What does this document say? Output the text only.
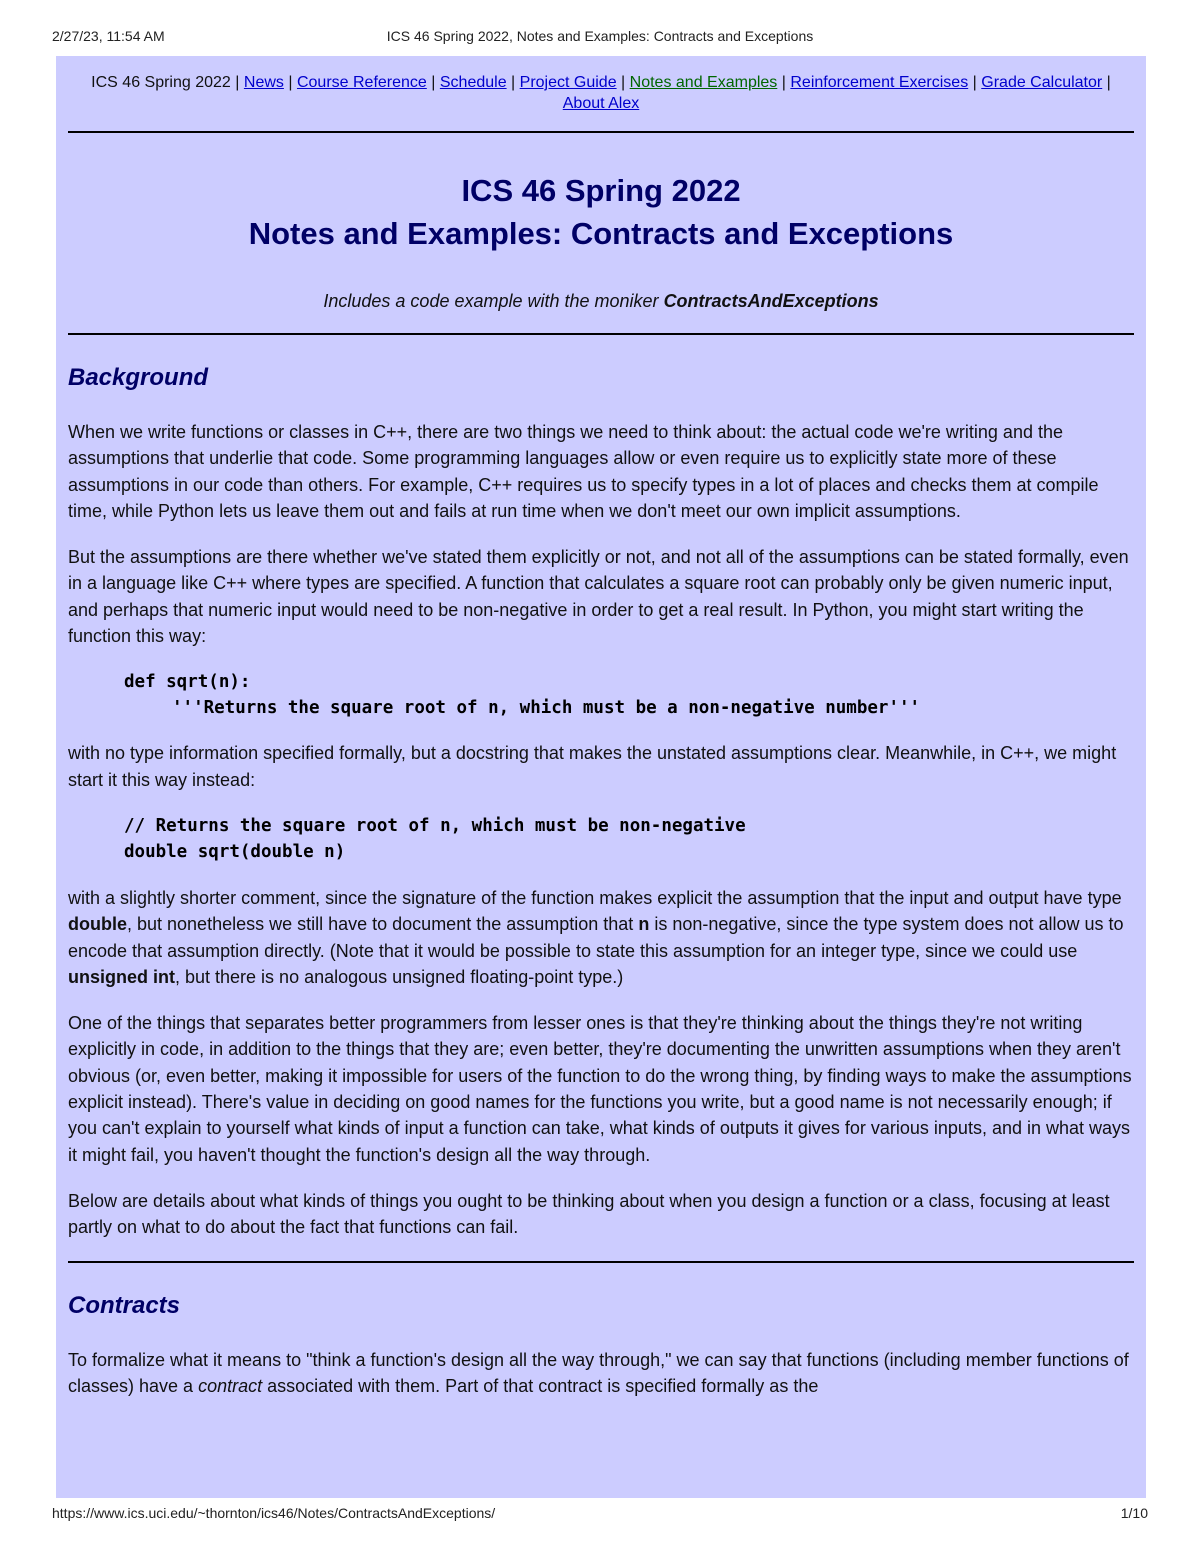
2/27/23, 11:54 AM	ICS 46 Spring 2022, Notes and Examples: Contracts and Exceptions
ICS 46 Spring 2022 | News | Course Reference | Schedule | Project Guide | Notes and Examples | Reinforcement Exercises | Grade Calculator |
About Alex
ICS 46 Spring 2022
Notes and Examples: Contracts and Exceptions
Includes a code example with the moniker ContractsAndExceptions
Background

When we write functions or classes in C++, there are two things we need to think about: the actual code we're writing and the assumptions that underlie that code. Some programming languages allow or even require us to explicitly state more of these assumptions in our code than others. For example, C++ requires us to specify types in a lot of places and checks them at compile time, while Python lets us leave them out and fails at run time when we don't meet our own implicit assumptions.

But the assumptions are there whether we've stated them explicitly or not, and not all of the assumptions can be stated formally, even in a language like C++ where types are specified. A function that calculates a square root can probably only be given numeric input, and perhaps that numeric input would need to be non-negative in order to get a real result. In Python, you might start writing the function this way:

def sqrt(n):
'''Returns the square root of n, which must be a non-negative number'''

with no type information specified formally, but a docstring that makes the unstated assumptions clear. Meanwhile, in C++, we might start it this way instead:

// Returns the square root of n, which must be non-negative
double sqrt(double n)

with a slightly shorter comment, since the signature of the function makes explicit the assumption that the input and output have type double, but nonetheless we still have to document the assumption that n is non-negative, since the type system does not allow us to encode that assumption directly. (Note that it would be possible to state this assumption for an integer type, since we could use unsigned int, but there is no analogous unsigned floating-point type.)

One of the things that separates better programmers from lesser ones is that they're thinking about the things they're not writing explicitly in code, in addition to the things that they are; even better, they're documenting the unwritten assumptions when they aren't obvious (or, even better, making it impossible for users of the function to do the wrong thing, by finding ways to make the assumptions explicit instead). There's value in deciding on good names for the functions you write, but a good name is not necessarily enough; if you can't explain to yourself what kinds of input a function can take, what kinds of outputs it gives for various inputs, and in what ways it might fail, you haven't thought the function's design all the way through.

Below are details about what kinds of things you ought to be thinking about when you design a function or a class, focusing at least partly on what to do about the fact that functions can fail.

Contracts

To formalize what it means to "think a function's design all the way through," we can say that functions (including member functions of classes) have a contract associated with them. Part of that contract is specified formally as the

https://www.ics.uci.edu/~thornton/ics46/Notes/ContractsAndExceptions/	1/10
